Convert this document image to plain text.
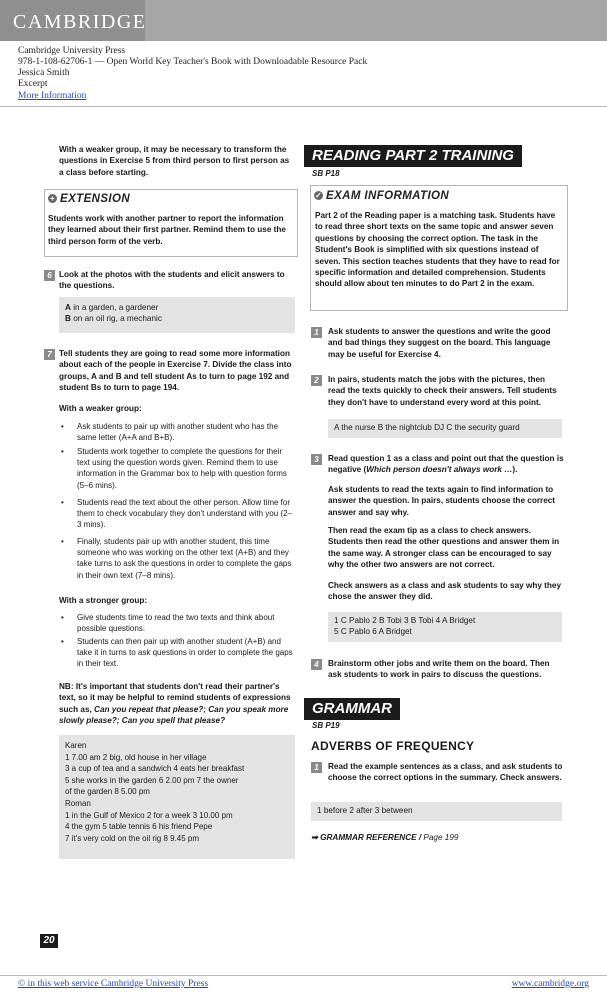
CAMBRIDGE
Cambridge University Press
978-1-108-62706-1 — Open World Key Teacher's Book with Downloadable Resource Pack
Jessica Smith
Excerpt
More Information
With a weaker group, it may be necessary to transform the questions in Exercise 5 from third person to first person as a class before starting.
+ EXTENSION
Students work with another partner to report the information they learned about their first partner. Remind them to use the third person form of the verb.
6 Look at the photos with the students and elicit answers to the questions.
A in a garden, a gardener
B on an oil rig, a mechanic
7 Tell students they are going to read some more information about each of the people in Exercise 7. Divide the class into groups, A and B and tell student As to turn to page 192 and student Bs to turn to page 194.
With a weaker group:
• Ask students to pair up with another student who has the same letter (A+A and B+B).
• Students work together to complete the questions for their text using the question words given. Remind them to use information in the Grammar box to help with question forms (5–6 mins).
• Students read the text about the other person. Allow time for them to check vocabulary they don't understand with you (2–3 mins).
• Finally, students pair up with another student, this time someone who was working on the other text (A+B) and they take turns to ask the questions in order to complete the gaps in their own text (7–8 mins).
With a stronger group:
• Give students time to read the two texts and think about possible questions.
• Students can then pair up with another student (A+B) and take it in turns to ask questions in order to complete the gaps in their text.
NB: It's important that students don't read their partner's text, so it may be helpful to remind students of expressions such as, Can you repeat that please?; Can you speak more slowly please?; Can you spell that please?
Karen
1 7.00 am 2 big, old house in her village
3 a cup of tea and a sandwich 4 eats her breakfast
5 she works in the garden 6 2.00 pm 7 the owner
of the garden 8 5.00 pm
Roman
1 in the Gulf of Mexico 2 for a week 3 10.00 pm
4 the gym 5 table tennis 6 his friend Pepe
7 it's very cold on the oil rig 8 9.45 pm
20
READING PART 2 TRAINING
SB P18
✓ EXAM INFORMATION
Part 2 of the Reading paper is a matching task. Students have to read three short texts on the same topic and answer seven questions by choosing the correct option. The task in the Student's Book is simplified with six questions instead of seven. This section teaches students that they have to read for specific information and detailed comprehension. Students should allow about ten minutes to do Part 2 in the exam.
1	Ask students to answer the questions and write the good and bad things they suggest on the board. This language may be useful for Exercise 4.
2	In pairs, students match the jobs with the pictures, then read the texts quickly to check their answers. Tell students they don't have to understand every word at this point.
A the nurse B the nightclub DJ C the security guard
3	Read question 1 as a class and point out that the question is negative (Which person doesn't always work …).
Ask students to read the texts again to find information to answer the question. In pairs, students choose the correct answer and say why.
Then read the exam tip as a class to check answers. Students then read the other questions and answer them in the same way. A stronger class can be encouraged to say why the other two answers are not correct.
Check answers as a class and ask students to say why they chose the answer they did.
1 C Pablo 2 B Tobi 3 B Tobi 4 A Bridget
5 C Pablo 6 A Bridget
4	Brainstorm other jobs and write them on the board. Then ask students to work in pairs to discuss the questions.
GRAMMAR
SB P19
ADVERBS OF FREQUENCY
1	Read the example sentences as a class, and ask students to choose the correct options in the summary. Check answers.
1 before 2 after 3 between
➡ GRAMMAR REFERENCE / Page 199
© in this web service Cambridge University Press	www.cambridge.org
